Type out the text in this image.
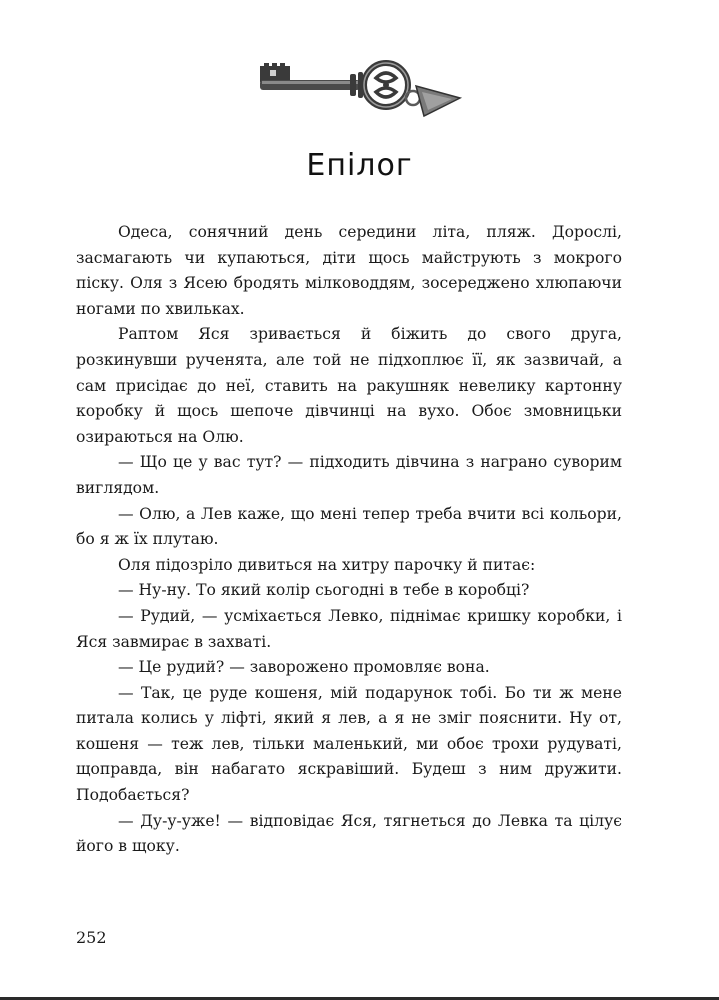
Епілог

Одеса, сонячний день середини літа, пляж. Дорослі, засмагають чи купаються, діти щось майструють з мокрого піску. Оля з Ясею бродять мілководдям, зосереджено хлюпаючи ногами по хвильках.

Раптом Яся зривається й біжить до свого друга, розкинувши рученята, але той не підхоплює її, як зазвичай, а сам присідає до неї, ставить на ракушняк невелику картонну коробку й щось шепоче дівчинці на вухо. Обоє змовницьки озираються на Олю.

— Що це у вас тут? — підходить дівчина з награно суворим виглядом.

— Олю, а Лев каже, що мені тепер треба вчити всі кольори, бо я ж їх плутаю.

Оля підозріло дивиться на хитру парочку й питає:

— Ну-ну. То який колір сьогодні в тебе в коробці?

— Рудий, — усміхається Левко, піднімає кришку коробки, і Яся завмирає в захваті.

— Це рудий? — заворожено промовляє вона.

— Так, це руде кошеня, мій подарунок тобі. Бо ти ж мене питала колись у ліфті, який я лев, а я не зміг пояснити. Ну от, кошеня — теж лев, тільки маленький, ми обоє трохи рудуваті, щоправда, він набагато яскравіший. Будеш з ним дружити. Подобається?

— Ду-у-уже! — відповідає Яся, тягнеться до Левка та цілує його в щоку.

252
